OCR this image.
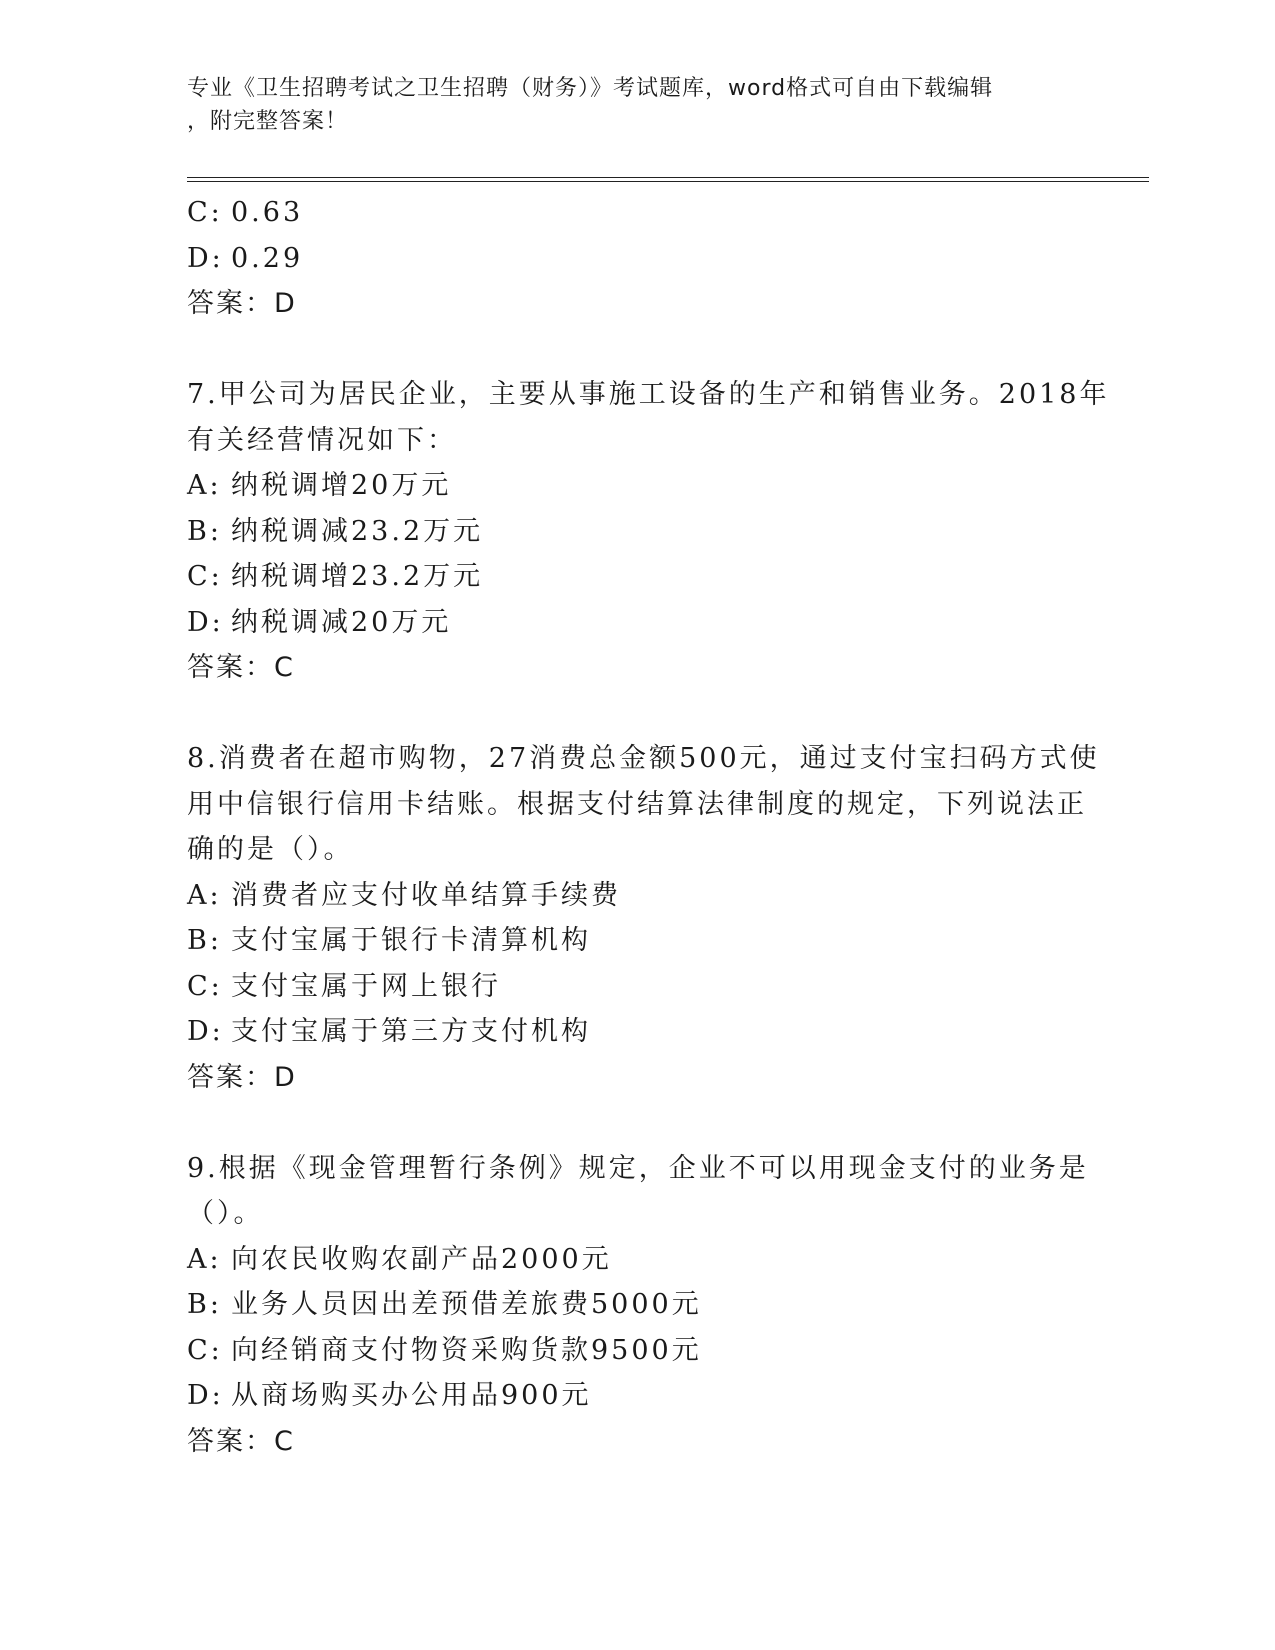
专业《卫生招聘考试之卫生招聘（财务）》考试题库，word格式可自由下载编辑
，附完整答案！
C: 0.63
D: 0.29
答案：D
7.甲公司为居民企业，主要从事施工设备的生产和销售业务。2018年
有关经营情况如下：
A: 纳税调增20万元
B: 纳税调减23.2万元
C: 纳税调增23.2万元
D: 纳税调减20万元
答案：C
8.消费者在超市购物，27消费总金额500元，通过支付宝扫码方式使
用中信银行信用卡结账。根据支付结算法律制度的规定，下列说法正
确的是（）。
A: 消费者应支付收单结算手续费
B: 支付宝属于银行卡清算机构
C: 支付宝属于网上银行
D: 支付宝属于第三方支付机构
答案：D
9.根据《现金管理暂行条例》规定，企业不可以用现金支付的业务是
（）。
A: 向农民收购农副产品2000元
B: 业务人员因出差预借差旅费5000元
C: 向经销商支付物资采购货款9500元
D: 从商场购买办公用品900元
答案：C
